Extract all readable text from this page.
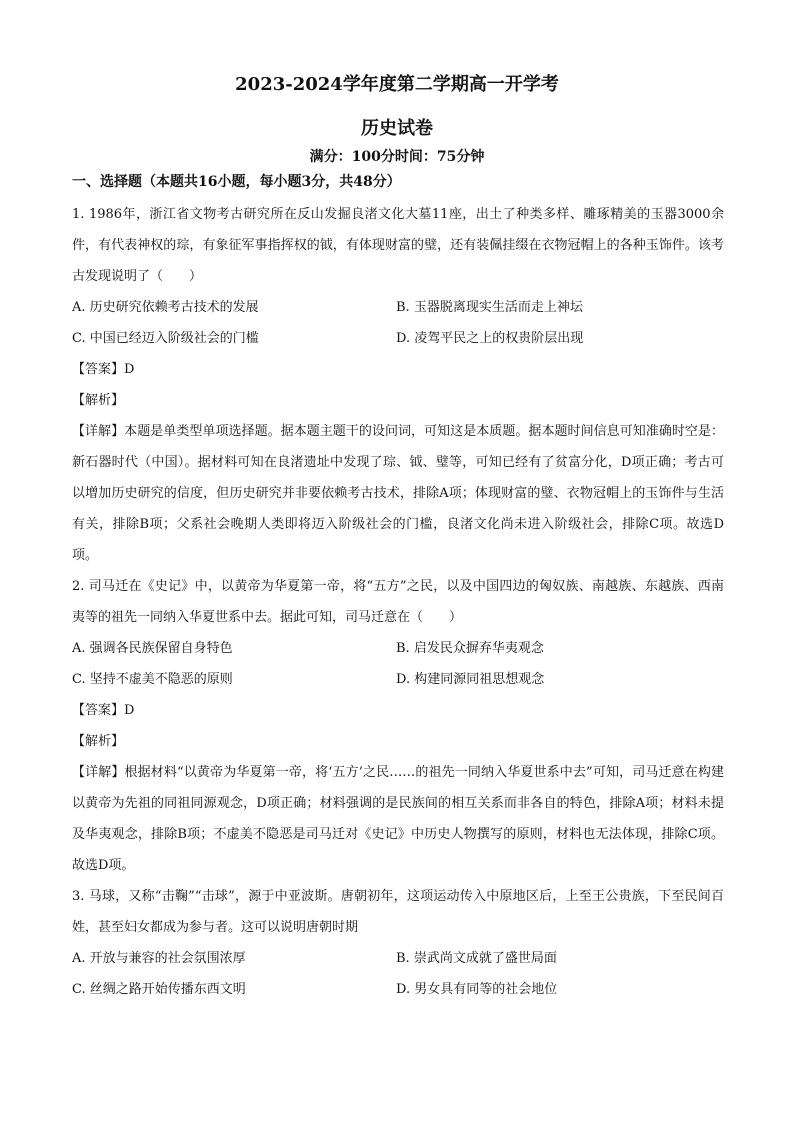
2023-2024学年度第二学期高一开学考
历史试卷
满分：100分时间：75分钟
一、选择题（本题共16小题，每小题3分，共48分）

1. 1986年，浙江省文物考古研究所在反山发掘良渚文化大墓11座，出土了种类多样、雕琢精美的玉器3000余件，有代表神权的琮，有象征军事指挥权的钺，有体现财富的璧，还有装佩挂缀在衣物冠帽上的各种玉饰件。该考古发现说明了（　　）

A. 历史研究依赖考古技术的发展	B. 玉器脱离现实生活而走上神坛
C. 中国已经迈入阶级社会的门槛	D. 凌驾平民之上的权贵阶层出现
【答案】D
【解析】

【详解】本题是单类型单项选择题。据本题主题干的设问词，可知这是本质题。据本题时间信息可知准确时空是：新石器时代（中国）。据材料可知在良渚遗址中发现了琮、钺、璧等，可知已经有了贫富分化，D项正确；考古可以增加历史研究的信度，但历史研究并非要依赖考古技术，排除A项；体现财富的璧、衣物冠帽上的玉饰件与生活有关，排除B项；父系社会晚期人类即将迈入阶级社会的门槛，良渚文化尚未进入阶级社会，排除C项。故选D项。

2. 司马迁在《史记》中，以黄帝为华夏第一帝，将“五方”之民，以及中国四边的匈奴族、南越族、东越族、西南夷等的祖先一同纳入华夏世系中去。据此可知，司马迁意在（　　）

A. 强调各民族保留自身特色	B. 启发民众摒弃华夷观念
C. 坚持不虚美不隐恶的原则	D. 构建同源同祖思想观念
【答案】D
【解析】

【详解】根据材料“以黄帝为华夏第一帝，将‘五方’之民……的祖先一同纳入华夏世系中去”可知，司马迁意在构建以黄帝为先祖的同祖同源观念，D项正确；材料强调的是民族间的相互关系而非各自的特色，排除A项；材料未提及华夷观念，排除B项；不虚美不隐恶是司马迁对《史记》中历史人物撰写的原则，材料也无法体现，排除C项。故选D项。

3. 马球，又称“击鞠”“击球”，源于中亚波斯。唐朝初年，这项运动传入中原地区后，上至王公贵族，下至民间百姓，甚至妇女都成为参与者。这可以说明唐朝时期

A. 开放与兼容的社会氛围浓厚	B. 崇武尚文成就了盛世局面
C. 丝绸之路开始传播东西文明	D. 男女具有同等的社会地位
